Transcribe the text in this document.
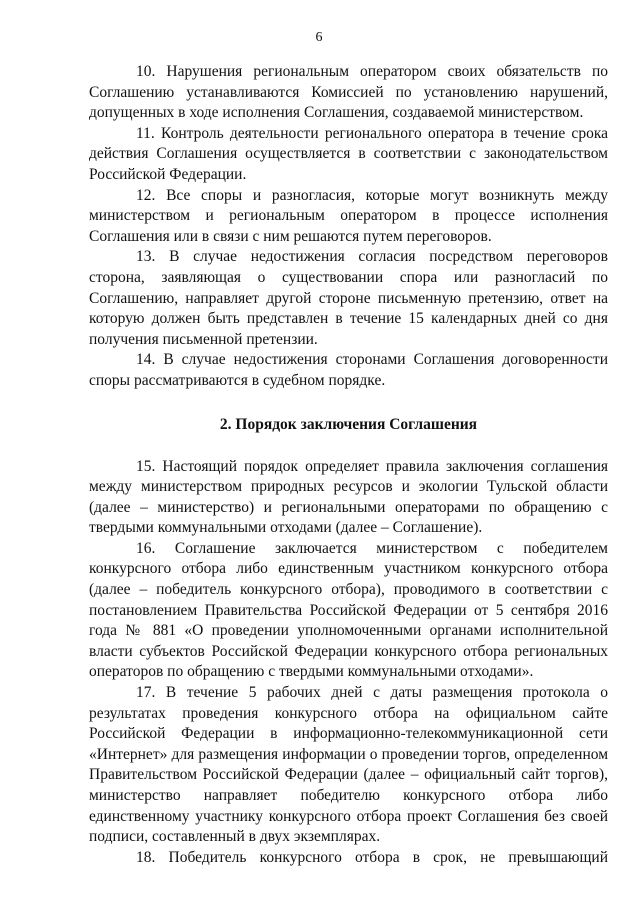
6

10. Нарушения региональным оператором своих обязательств по Соглашению устанавливаются Комиссией по установлению нарушений, допущенных в ходе исполнения Соглашения, создаваемой министерством.

11. Контроль деятельности регионального оператора в течение срока действия Соглашения осуществляется в соответствии с законодательством Российской Федерации.

12. Все споры и разногласия, которые могут возникнуть между министерством и региональным оператором в процессе исполнения Соглашения или в связи с ним решаются путем переговоров.

13. В случае недостижения согласия посредством переговоров сторона, заявляющая о существовании спора или разногласий по Соглашению, направляет другой стороне письменную претензию, ответ на которую должен быть представлен в течение 15 календарных дней со дня получения письменной претензии.

14. В случае недостижения сторонами Соглашения договоренности споры рассматриваются в судебном порядке.

2. Порядок заключения Соглашения

15. Настоящий порядок определяет правила заключения соглашения между министерством природных ресурсов и экологии Тульской области (далее – министерство) и региональными операторами по обращению с твердыми коммунальными отходами (далее – Соглашение).

16. Соглашение заключается министерством с победителем конкурсного отбора либо единственным участником конкурсного отбора (далее – победитель конкурсного отбора), проводимого в соответствии с постановлением Правительства Российской Федерации от 5 сентября 2016 года № 881 «О проведении уполномоченными органами исполнительной власти субъектов Российской Федерации конкурсного отбора региональных операторов по обращению с твердыми коммунальными отходами».

17. В течение 5 рабочих дней с даты размещения протокола о результатах проведения конкурсного отбора на официальном сайте Российской Федерации в информационно-телекоммуникационной сети «Интернет» для размещения информации о проведении торгов, определенном Правительством Российской Федерации (далее – официальный сайт торгов), министерство направляет победителю конкурсного отбора либо единственному участнику конкурсного отбора проект Соглашения без своей подписи, составленный в двух экземплярах.

18. Победитель конкурсного отбора в срок, не превышающий
